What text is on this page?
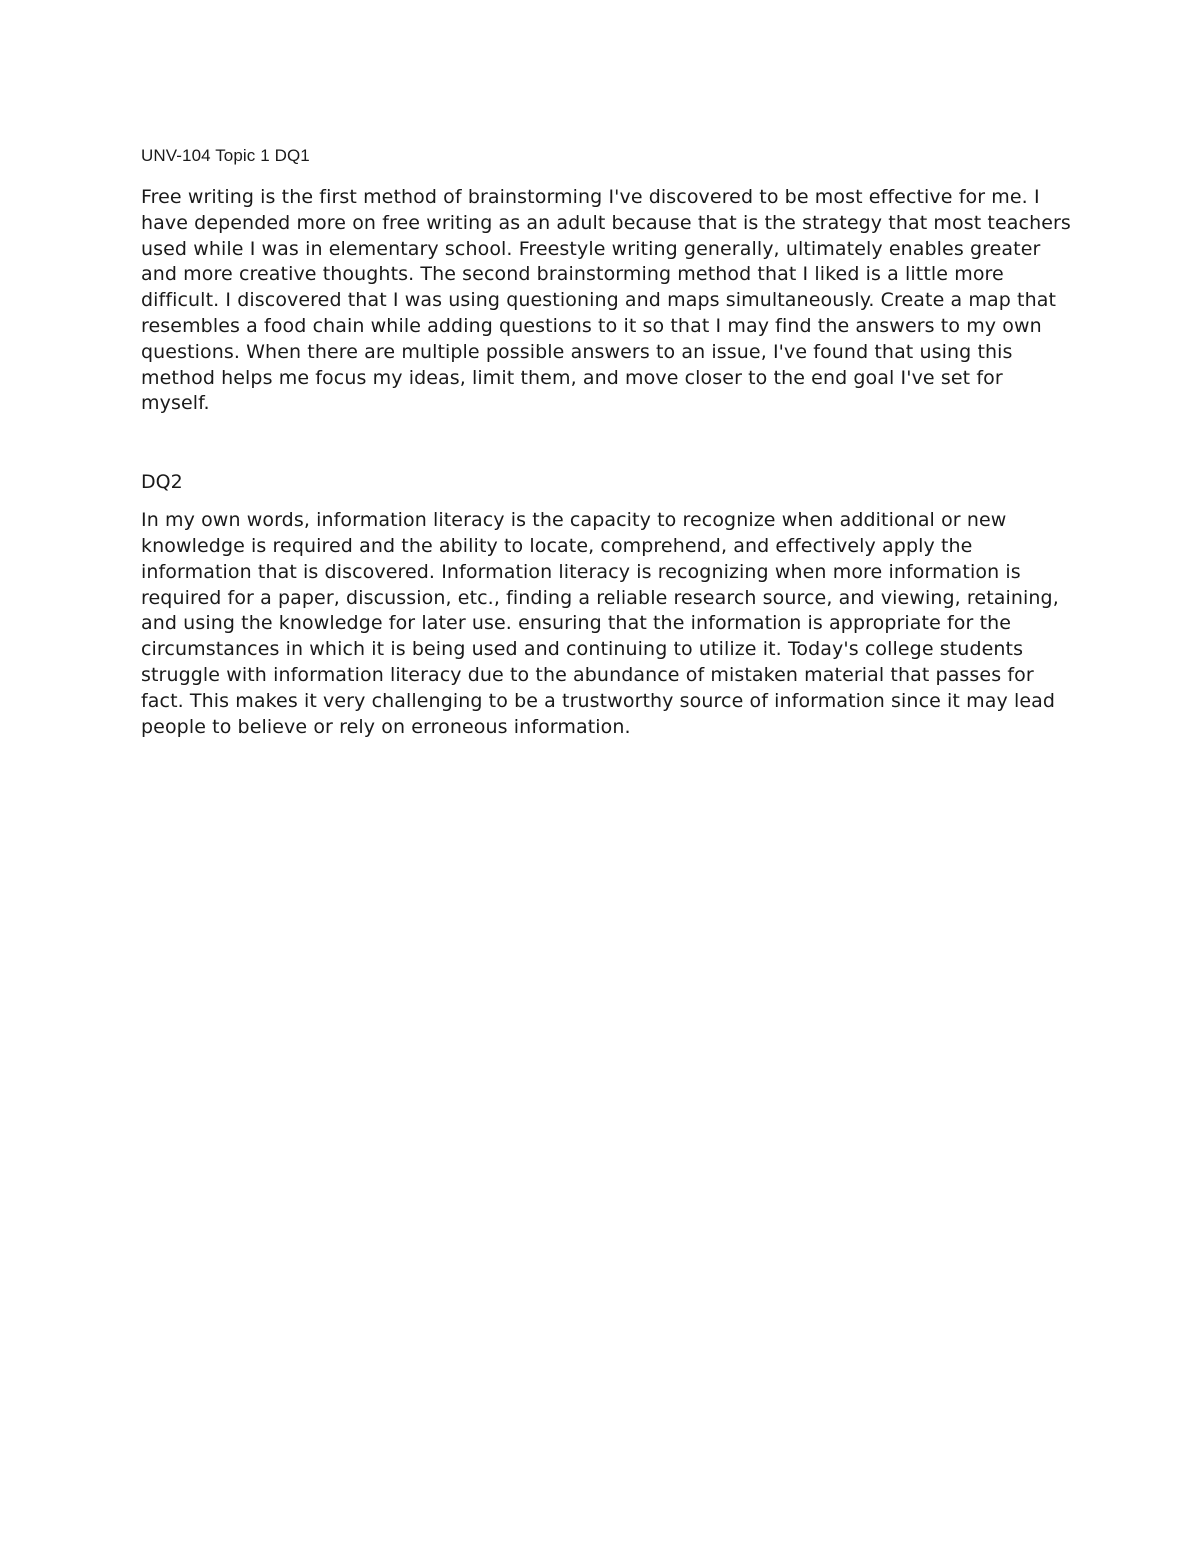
UNV-104 Topic 1 DQ1

Free writing is the first method of brainstorming I've discovered to be most effective for me. I have depended more on free writing as an adult because that is the strategy that most teachers used while I was in elementary school. Freestyle writing generally, ultimately enables greater and more creative thoughts. The second brainstorming method that I liked is a little more difficult. I discovered that I was using questioning and maps simultaneously. Create a map that resembles a food chain while adding questions to it so that I may find the answers to my own questions. When there are multiple possible answers to an issue, I've found that using this method helps me focus my ideas, limit them, and move closer to the end goal I've set for myself.

DQ2

In my own words, information literacy is the capacity to recognize when additional or new knowledge is required and the ability to locate, comprehend, and effectively apply the information that is discovered. Information literacy is recognizing when more information is required for a paper, discussion, etc., finding a reliable research source, and viewing, retaining, and using the knowledge for later use. ensuring that the information is appropriate for the circumstances in which it is being used and continuing to utilize it. Today's college students struggle with information literacy due to the abundance of mistaken material that passes for fact. This makes it very challenging to be a trustworthy source of information since it may lead people to believe or rely on erroneous information.
